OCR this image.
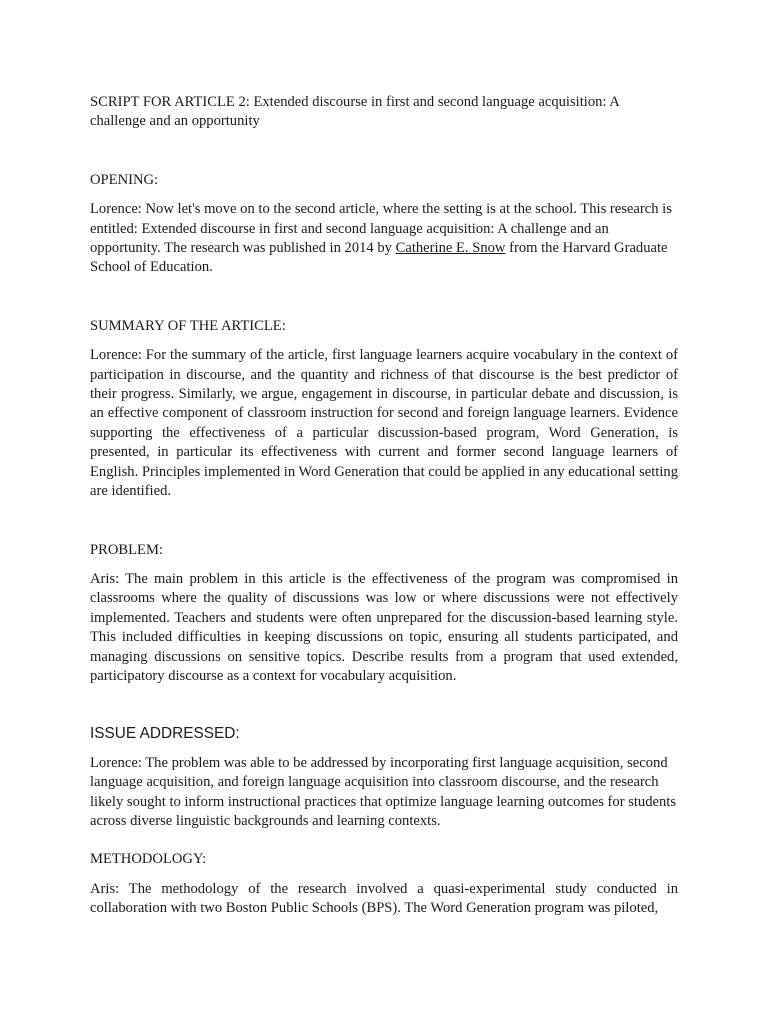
SCRIPT FOR ARTICLE 2: Extended discourse in first and second language acquisition: A challenge and an opportunity

OPENING:

Lorence: Now let's move on to the second article, where the setting is at the school. This research is entitled: Extended discourse in first and second language acquisition: A challenge and an opportunity. The research was published in 2014 by Catherine E. Snow from the Harvard Graduate School of Education.

SUMMARY OF THE ARTICLE:

Lorence: For the summary of the article, first language learners acquire vocabulary in the context of participation in discourse, and the quantity and richness of that discourse is the best predictor of their progress. Similarly, we argue, engagement in discourse, in particular debate and discussion, is an effective component of classroom instruction for second and foreign language learners. Evidence supporting the effectiveness of a particular discussion-based program, Word Generation, is presented, in particular its effectiveness with current and former second language learners of English. Principles implemented in Word Generation that could be applied in any educational setting are identified.

PROBLEM:

Aris: The main problem in this article is the effectiveness of the program was compromised in classrooms where the quality of discussions was low or where discussions were not effectively implemented. Teachers and students were often unprepared for the discussion-based learning style. This included difficulties in keeping discussions on topic, ensuring all students participated, and managing discussions on sensitive topics. Describe results from a program that used extended, participatory discourse as a context for vocabulary acquisition.

ISSUE ADDRESSED:

Lorence: The problem was able to be addressed by incorporating first language acquisition, second language acquisition, and foreign language acquisition into classroom discourse, and the research likely sought to inform instructional practices that optimize language learning outcomes for students across diverse linguistic backgrounds and learning contexts.

METHODOLOGY:

Aris: The methodology of the research involved a quasi-experimental study conducted in collaboration with two Boston Public Schools (BPS). The Word Generation program was piloted,
